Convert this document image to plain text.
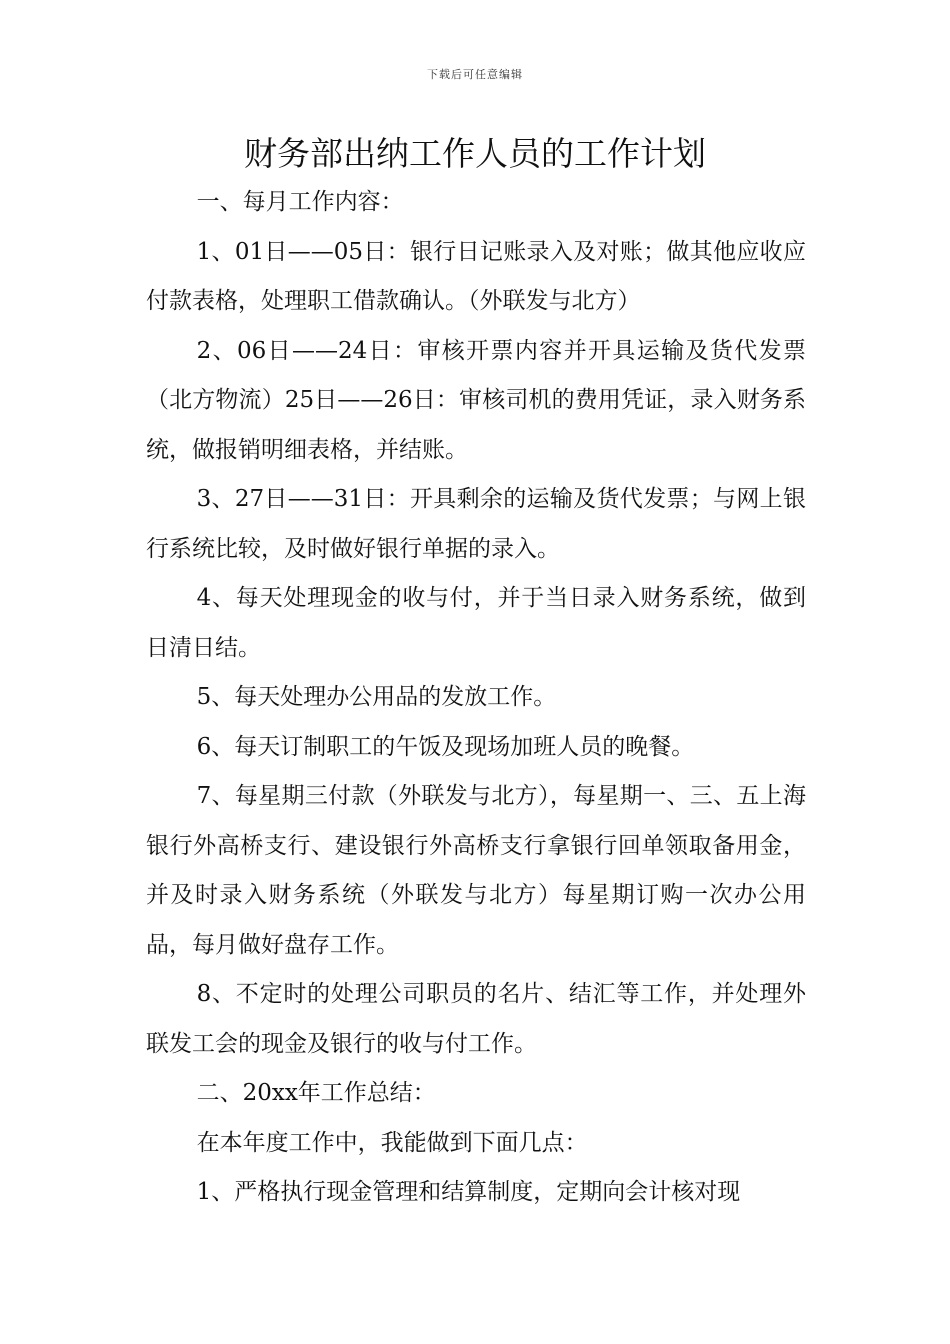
下载后可任意编辑
财务部出纳工作人员的工作计划

一、每月工作内容：

1、01日——05日：银行日记账录入及对账；做其他应收应付款表格，处理职工借款确认。（外联发与北方）

2、06日——24日：审核开票内容并开具运输及货代发票（北方物流）25日——26日：审核司机的费用凭证，录入财务系统，做报销明细表格，并结账。

3、27日——31日：开具剩余的运输及货代发票；与网上银行系统比较，及时做好银行单据的录入。

4、每天处理现金的收与付，并于当日录入财务系统，做到日清日结。

5、每天处理办公用品的发放工作。

6、每天订制职工的午饭及现场加班人员的晚餐。

7、每星期三付款（外联发与北方），每星期一、三、五上海银行外高桥支行、建设银行外高桥支行拿银行回单领取备用金，并及时录入财务系统（外联发与北方）每星期订购一次办公用品，每月做好盘存工作。

8、不定时的处理公司职员的名片、结汇等工作，并处理外联发工会的现金及银行的收与付工作。

二、20xx年工作总结：

在本年度工作中，我能做到下面几点：

1、严格执行现金管理和结算制度，定期向会计核对现
